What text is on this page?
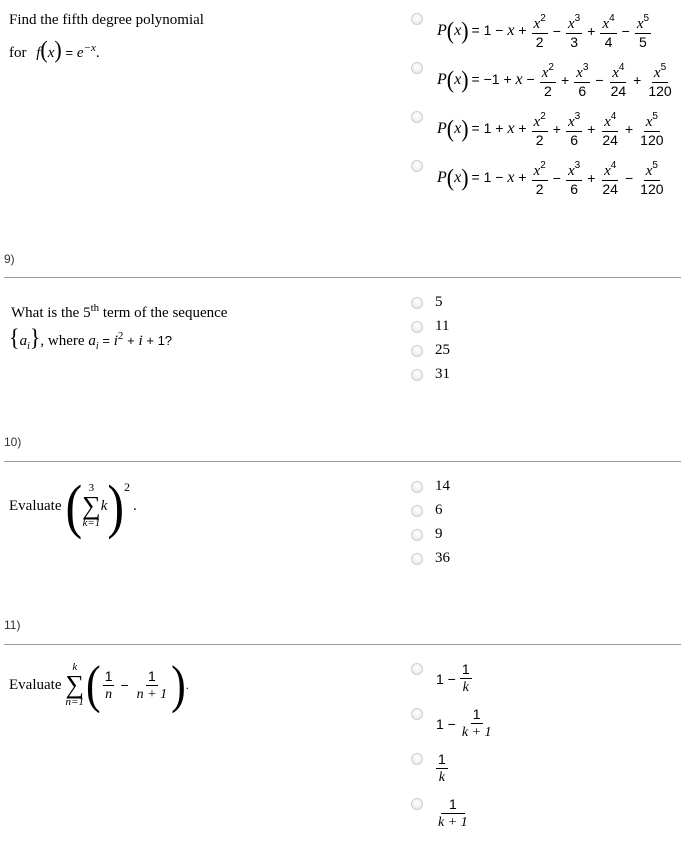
Find the fifth degree polynomial
for $f(x) = e^{-x}$.
P ( x ) = $1 - x + \frac{x^2}{2} - \frac{x^3}{3} + \frac{x^4}{4} - \frac{x^5}{5}$
P ( x ) = $-1 + x - \frac{x^2}{2} + \frac{x^3}{6} - \frac{x^4}{24} + \frac{x^5}{120}$
P ( x ) = $1 + x + \frac{x^2}{2} + \frac{x^3}{6} + \frac{x^4}{24} + \frac{x^5}{120}$
P ( x ) = $1 - x + \frac{x^2}{2} - \frac{x^3}{6} + \frac{x^4}{24} - \frac{x^5}{120}$
9)
What is the 5th term of the sequence
$\{a_i\}$, where $a_i = i^2 + i + 1$?
5
11
25
31
10)
Evaluate ( 3
∑
k=1
k )$^2$
.
14
6
9
36
11)
Evaluate
k
∑
n=1 ( $\frac{1}{n} - \frac{1}{n + 1}$ ) .	$1 - \frac{1}{k}$
$1 - \frac{1}{k + 1}$
$\frac{1}{k}$
$\frac{1}{k + 1}$
